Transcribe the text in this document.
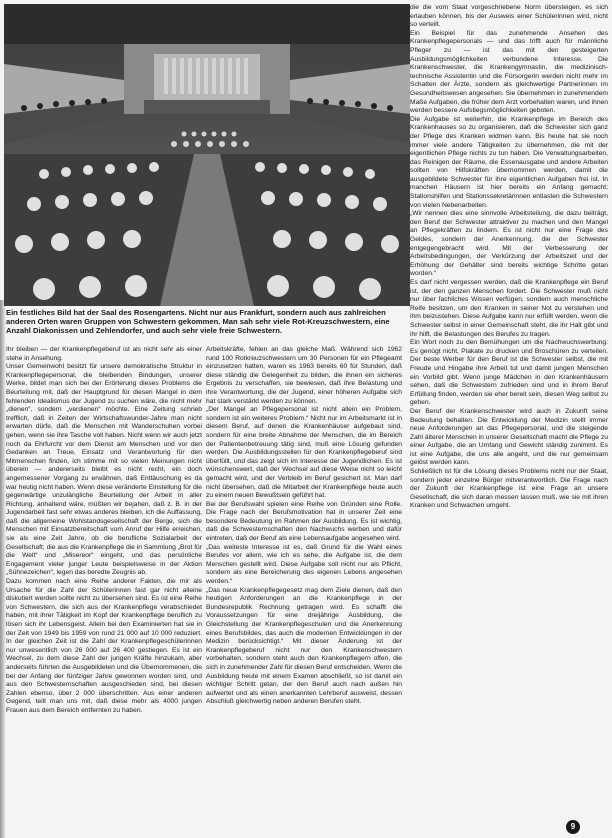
Ein festliches Bild hat der Saal des Rosengartens. Nicht nur aus Frankfurt, sondern auch aus zahlreichen anderen Orten waren Gruppen von Schwestern gekommen. Man sah sehr viele Rot-Kreuzschwestern, eine Anzahl Diakonissen und Zehlendorfer, und auch sehr viele freie Schwestern.

Ihr bleiben — der Krankenpflegeberuf ist als nicht sehr als einer stehe in Ansehung.

Unser Gemeinwohl besitzt für unsere demokratische Struktur in Krankenpflegepersonal, die bleibenden Bindungen, unserer Werke, bildet man sich bei der Erörterung dieses Problems die Beurteilung mit, daß der Hauptgrund für diesen Mangel in dem fehlenden Idealismus der Jugend zu suchen wäre, die nicht mehr „dienen“, sondern „verdienen“ möchte. Eine Zeitung schrieb trefflich, daß in Zeiten der Wirtschaftswunder-Jahre man nicht erwarten dürfe, daß die Menschen mit Wanderschuhen vorbei gehen, wenn sie ihre Tasche voll haben. Nicht wenn wir auch jetzt noch da Ehrfurcht vor dem Dienst am Menschen und vor den Gedanken an Treue, Einsatz und Verantwortung für den Mitmenschen finden, ich stimme mit so vielen Meinungen nicht überein — andererseits bleibt es nicht recht, ein doch angemessener Vorgang zu erwähnen, daß Enttäuschung es da war heutig nicht haben. Wenn diese veränderte Einstellung für die gegenwärtige unzulängliche Beurteilung der Arbeit in aller Richtung, anhaltend wäre, müßten wir bejahen, daß z. B. in der Jugendarbeit fast sehr etwas anderes bleiben, ich die Auffassung, daß die allgemeine Wohlstandsgesellschaft der Berge, sich die Menschen mit Einsatzbereitschaft vom Anruf der Hilfe erreichen, sie als eine Zeit Jahre, ob die berufliche Sozialarbeit der Gesellschaft; die aus die Krankenpflege die in Sammlung „Brot für die Welt“ und „Misereor“ eingeht, und das persönliche Engagement vieler junger Leute beispielsweise in der Aktion „Sühnezeichen“, legen das beredte Zeugnis ab.

Dazu kommen nach eine Reihe anderer Fakten, die mir als Ursache für die Zahl der Schülerinnen fast gar nicht alleine diskutiert werden sollte nicht zu übersehen sind. Es ist eine Reihe von Schwestern, die sich aus der Krankenpflege verabschiedet haben, mit ihrer Tätigkeit im Kopf der Krankenpflege beruflich zu lösen sich ihr Lebensgeist. Allein bei den Examinierten hat sie in der Zeit von 1949 bis 1959 von rund 21 000 auf 10 000 reduziert. In der gleichen Zeit ist die Zahl der Krankenpflegeschülerinnen nur unwesentlich von 26 000 auf 26 400 gestiegen. Es ist ein Wechsel, zu dem diese Zahl der jungen Kräfte hinzukam, aber anderseits führten die Ausgebildeten und die Übernommenen, die bei der Anfang der fünfziger Jahre gewonnen worden sind, und aus den Schwesternschaften ausgeschieden sind, bei diesen Zahlen ebenso, über 2 000 überschritten. Aus einer anderen Gegend, teilt man uns mit, daß diese mehr als 4000 jungen Frauen aus dem Bereich entfernten zu haben.

Arbeitskräfte, fehlen an das gleiche Maß. Während sich 1962 rund 100 Rotkreuzschwestern um 30 Personen für ein Pflegeamt einzusetzen hatten, waren es 1963 bereits 60 für Stunden, daß diese ständig die Gelegenheit zu bilden, die ihnen ein sicheres Ergebnis zu verschaffen, sie bewiesen, daß ihre Belastung und ihre Verantwortung, die der Jugend, einer höheren Aufgabe sich hat stark verstärkt werden zu können.

„Der Mangel an Pflegepersonal ist nicht allein ein Problem, sondern ist ein weiteres Problem.“ Nicht nur im Arbeitsmarkt ist in diesem Beruf, auf denen die Krankenhäuser aufgebaut sind, sondern für eine breite Abnahme der Menschen, die im Bereich der Patientenbetreuung tätig sind, muß eine Lösung gefunden werden. Die Ausbildungsstellen für den Krankenpflegeberuf sind überfüllt, und das zeigt sich im Interesse der Jugendlichen. Es ist wünschenswert, daß der Wechsel auf diese Weise nicht so leicht gemacht wird, und der Verbleib im Beruf gesichert ist. Man darf nicht übersehen, daß die Mitarbeit der Krankenpflege heute auch zu einem neuen Bewußtsein geführt hat.

Bei der Berufswahl spielen eine Reihe von Gründen eine Rolle. Die Frage nach der Berufsmotivation hat in unserer Zeit eine besondere Bedeutung im Rahmen der Ausbildung. Es ist wichtig, daß die Schwesternschaften den Nachwuchs werben und dafür eintreten, daß der Beruf als eine Lebensaufgabe angesehen wird.

„Das weiteste Interesse ist es, daß Grund für die Wahl eines Berufes vor allem, wie ich es sehe, die Aufgabe ist, die dem Menschen gestellt wird. Diese Aufgabe soll nicht nur als Pflicht, sondern als eine Bereicherung des eigenen Lebens angesehen werden.“

„Das neue Krankenpflegegesetz mag dem Ziele dienen, daß den heutigen Anforderungen an die Krankenpflege in der Bundesrepublik Rechnung getragen wird. Es schafft die Voraussetzungen für eine dreijährige Ausbildung, die Gleichstellung der Krankenpflegeschulen und die Anerkennung eines Berufsbildes, das auch die modernen Entwicklungen in der Medizin berücksichtigt.“ Mit dieser Änderung ist der Krankenpflegeberuf nicht nur den Krankenschwestern vorbehalten, sondern steht auch den Krankenpflegern offen, die sich in zunehmender Zahl für diesen Beruf entscheiden. Wenn die Ausbildung heute mit einem Examen abschließt, so ist damit ein wichtiger Schritt getan, der den Beruf auch nach außen hin aufwertet und als einen anerkannten Lehrberuf ausweist, dessen Abschluß gleichwertig neben anderen Berufen steht.

die die vom Staat vorgeschriebene Norm übersteigen, es sich erlauben können, bis der Ausweis einer Schülerinnen wird, nicht so verteilt.

Ein Beispiel für das zunehmende Ansehen des Krankenpflegepersonals — und das trifft auch für männliche Pfleger zu — ist das mit den gesteigerten Ausbildungsmöglichkeiten verbundene Interesse. Die Krankenschwester, die Krankengymnastin, die medizinisch-technische Assistentin und die Fürsorgerin werden nicht mehr im Schatten der Ärzte, sondern als gleichwertige Partnerinnen im Gesundheitswesen angesehen. Sie übernehmen in zunehmendem Maße Aufgaben, die früher dem Arzt vorbehalten waren, und ihnen werden bessere Aufstiegsmöglichkeiten geboten.

Die Aufgabe ist weiterhin, die Krankenpflege im Bereich des Krankenhauses so zu organisieren, daß die Schwester sich ganz der Pflege des Kranken widmen kann. Bis heute hat sie noch immer viele andere Tätigkeiten zu übernehmen, die mit der eigentlichen Pflege nichts zu tun haben. Die Verwaltungsarbeiten, das Reinigen der Räume, die Essenausgabe und andere Arbeiten sollten von Hilfskräften übernommen werden, damit die ausgebildete Schwester für ihre eigentlichen Aufgaben frei ist. In manchen Häusern ist hier bereits ein Anfang gemacht; Stationshilfen und Stationssekretärinnen entlasten die Schwestern von vielen Nebenarbeiten.

„Wir nennen dies eine sinnvolle Arbeitsteilung, die dazu beiträgt, den Beruf der Schwester attraktiver zu machen und den Mangel an Pflegekräften zu lindern. Es ist nicht nur eine Frage des Geldes, sondern der Anerkennung, die der Schwester entgegengebracht wird. Mit der Verbesserung der Arbeitsbedingungen, der Verkürzung der Arbeitszeit und der Erhöhung der Gehälter sind bereits wichtige Schritte getan worden.“

Es darf nicht vergessen werden, daß die Krankenpflege ein Beruf ist, der den ganzen Menschen fordert. Die Schwester muß nicht nur über fachliches Wissen verfügen, sondern auch menschliche Reife besitzen, um den Kranken in seiner Not zu verstehen und ihm beizustehen. Diese Aufgabe kann nur erfüllt werden, wenn die Schwester selbst in einer Gemeinschaft steht, die ihr Halt gibt und ihr hilft, die Belastungen des Berufes zu tragen.

Ein Wort noch zu den Bemühungen um die Nachwuchswerbung: Es genügt nicht, Plakate zu drucken und Broschüren zu verteilen. Der beste Werber für den Beruf ist die Schwester selbst, die mit Freude und Hingabe ihre Arbeit tut und damit jungen Menschen ein Vorbild gibt. Wenn junge Mädchen in den Krankenhäusern sehen, daß die Schwestern zufrieden sind und in ihrem Beruf Erfüllung finden, werden sie eher bereit sein, diesen Weg selbst zu gehen.

Der Beruf der Krankenschwester wird auch in Zukunft seine Bedeutung behalten. Die Entwicklung der Medizin stellt immer neue Anforderungen an das Pflegepersonal, und die steigende Zahl älterer Menschen in unserer Gesellschaft macht die Pflege zu einer Aufgabe, die an Umfang und Gewicht ständig zunimmt. Es ist eine Aufgabe, die uns alle angeht, und die nur gemeinsam gelöst werden kann.

Schließlich ist für die Lösung dieses Problems nicht nur der Staat, sondern jeder einzelne Bürger mitverantwortlich. Die Frage nach der Zukunft der Krankenpflege ist eine Frage an unsere Gesellschaft, die sich daran messen lassen muß, wie sie mit ihren Kranken und Schwachen umgeht.

9
